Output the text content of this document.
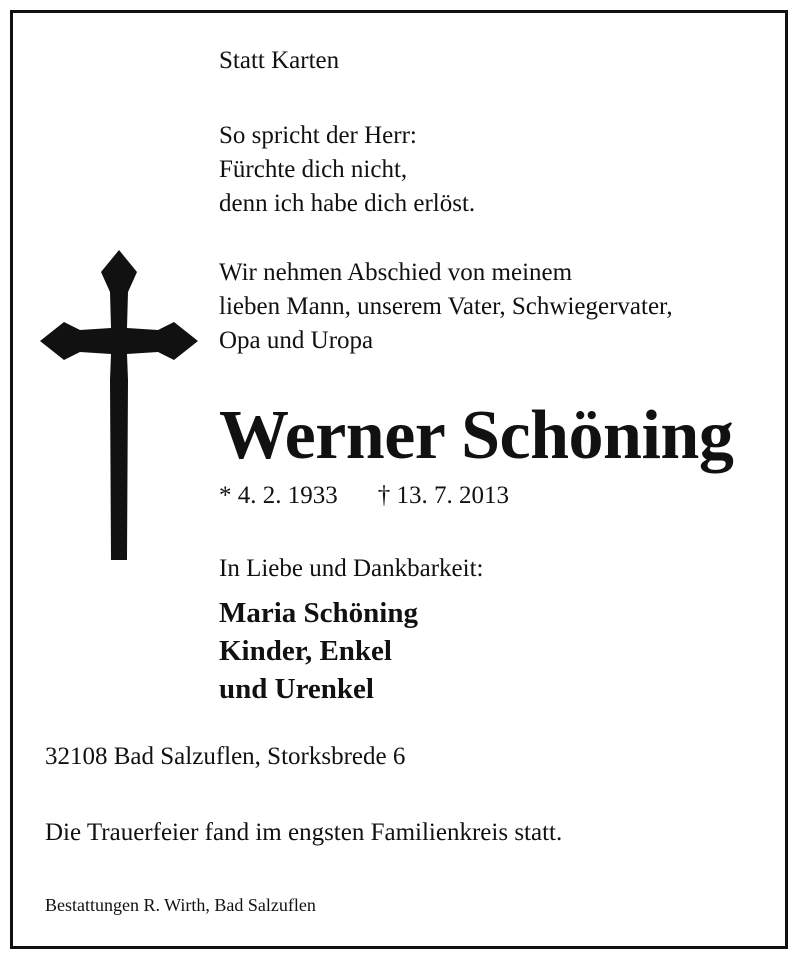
Statt Karten

So spricht der Herr:
Fürchte dich nicht,
denn ich habe dich erlöst.
Wir nehmen Abschied von meinem
lieben Mann, unserem Vater, Schwiegervater,
Opa und Uropa

Werner Schöning

* 4. 2. 1933 † 13. 7. 2013

In Liebe und Dankbarkeit:

Maria Schöning
Kinder, Enkel
und Urenkel

32108 Bad Salzuflen, Storksbrede 6

Die Trauerfeier fand im engsten Familienkreis statt.

Bestattungen R. Wirth, Bad Salzuflen
